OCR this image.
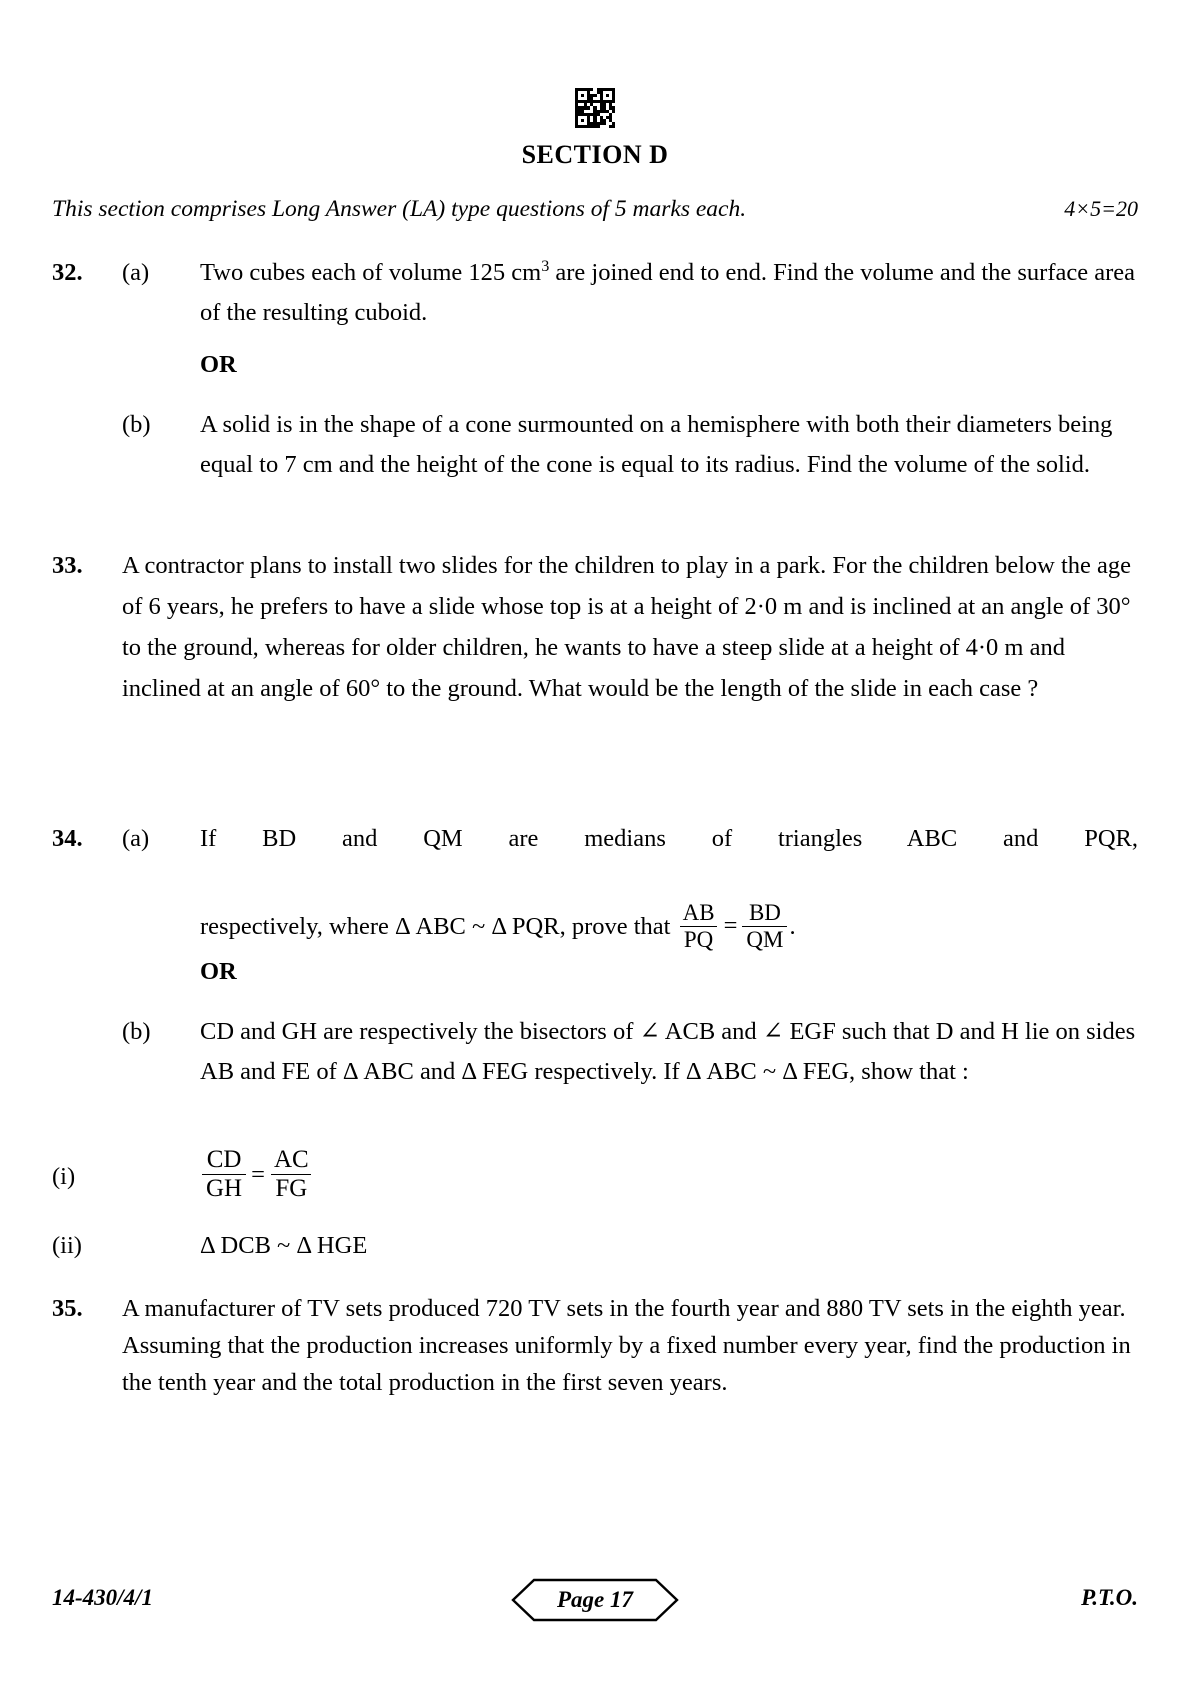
SECTION D
This section comprises Long Answer (LA) type questions of 5 marks each.	4×5=20
32.	(a)	Two cubes each of volume 125 $cm^3$ are joined end to end. Find the volume and the surface area of the resulting cuboid.
OR
(b)	A solid is in the shape of a cone surmounted on a hemisphere with both their diameters being equal to 7 cm and the height of the cone is equal to its radius. Find the volume of the solid.
33.	A contractor plans to install two slides for the children to play in a park. For the children below the age of 6 years, he prefers to have a slide whose top is at a height of 2·0 m and is inclined at an angle of 30° to the ground, whereas for older children, he wants to have a steep slide at a height of 4·0 m and inclined at an angle of 60° to the ground. What would be the length of the slide in each case ?
34.	(a)	If BD and QM are medians of triangles ABC and PQR,
respectively, where Δ ABC ~ Δ PQR, prove that $\frac{AB}{PQ} = \frac{BD}{QM}$ .
OR
(b)	CD and GH are respectively the bisectors of ∠ ACB and ∠ EGF such that D and H lie on sides AB and FE of Δ ABC and Δ FEG respectively. If Δ ABC ~ Δ FEG, show that :
(i)	$\frac{CD}{GH} = \frac{AC}{FG}$
(ii)	Δ DCB ~ Δ HGE
35.	A manufacturer of TV sets produced 720 TV sets in the fourth year and 880 TV sets in the eighth year. Assuming that the production increases uniformly by a fixed number every year, find the production in the tenth year and the total production in the first seven years.
14-430/4/1	Page 17	P.T.O.
